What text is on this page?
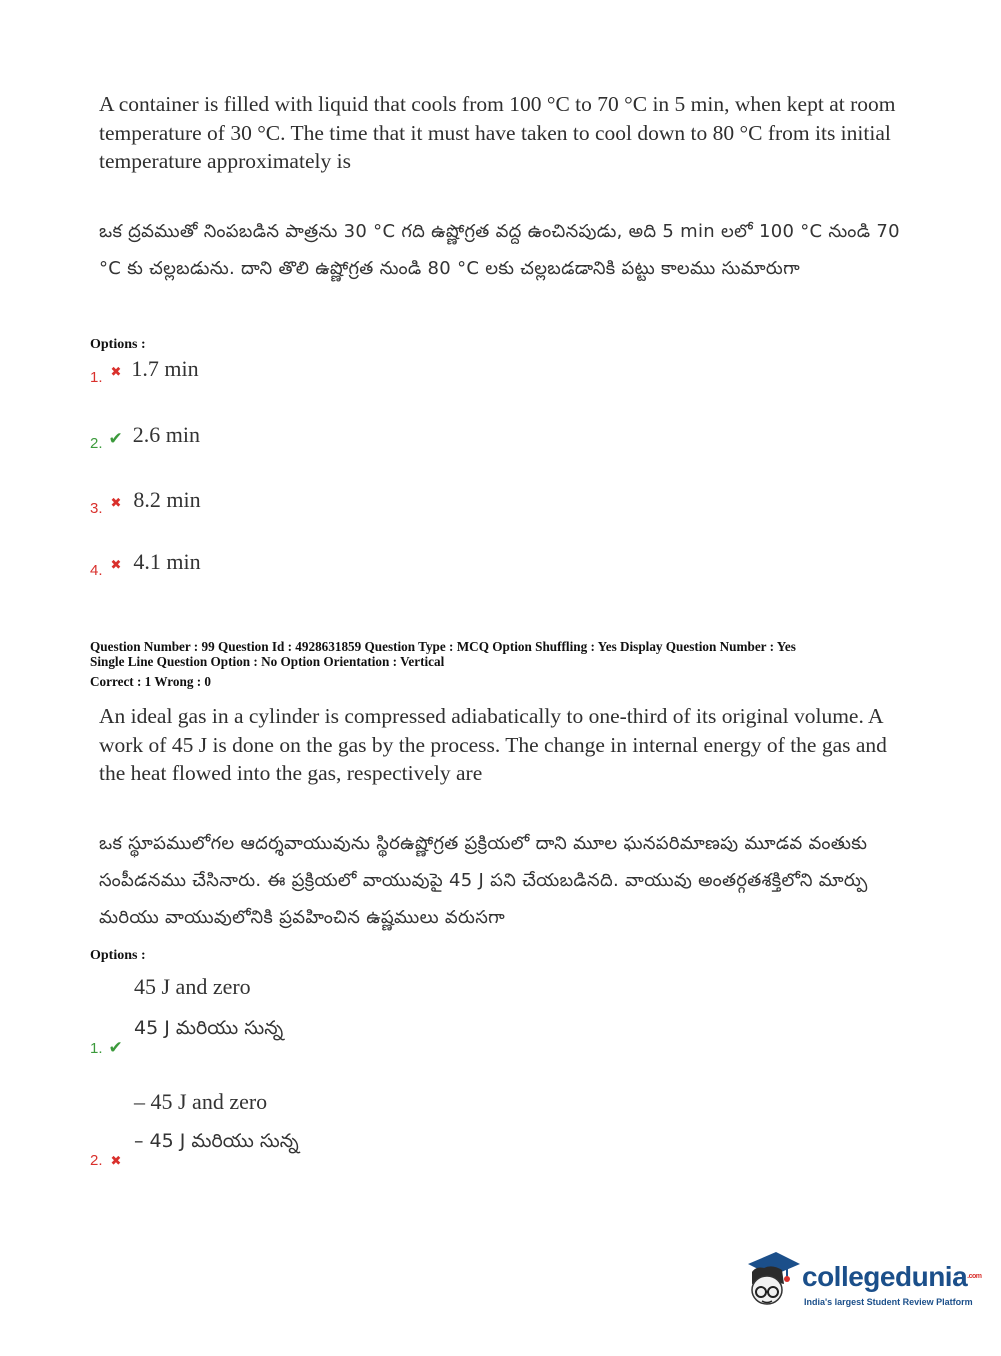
A container is filled with liquid that cools from 100 °C to 70 °C in 5 min, when kept at room temperature of 30 °C. The time that it must have taken to cool down to 80 °C from its initial temperature approximately is
ఒక ద్రవముతో నింపబడిన పాత్రను 30 °C గది ఉష్ణోగ్రత వద్ద ఉంచినపుడు, అది 5 min లలో 100 °C నుండి 70 °C కు చల్లబడును. దాని తొలి ఉష్ణోగ్రత నుండి 80 °C లకు చల్లబడడానికి పట్టు కాలము సుమారుగా
Options :
1. ✖ 1.7 min
2. ✔ 2.6 min
3. ✖ 8.2 min
4. ✖ 4.1 min
Question Number : 99 Question Id : 4928631859 Question Type : MCQ Option Shuffling : Yes Display Question Number : Yes
Single Line Question Option : No Option Orientation : Vertical
Correct : 1 Wrong : 0
An ideal gas in a cylinder is compressed adiabatically to one-third of its original volume. A work of 45 J is done on the gas by the process. The change in internal energy of the gas and the heat flowed into the gas, respectively are
ఒక స్థూపములోగల ఆదర్శవాయువును స్థిరఉష్ణోగ్రత ప్రక్రియలో దాని మూల ఘనపరిమాణపు మూడవ వంతుకు సంపీడనము చేసినారు. ఈ ప్రక్రియలో వాయువుపై 45 J పని చేయబడినది. వాయువు అంతర్గతశక్తిలోని మార్పు మరియు వాయువులోనికి ప్రవహించిన ఉష్ణములు వరుసగా
Options :
45 J and zero
45 J మరియు సున్న
1. ✔
– 45 J and zero
– 45 J మరియు సున్న
2. ✖
collegedunia$^{.com}$
India's largest Student Review Platform
